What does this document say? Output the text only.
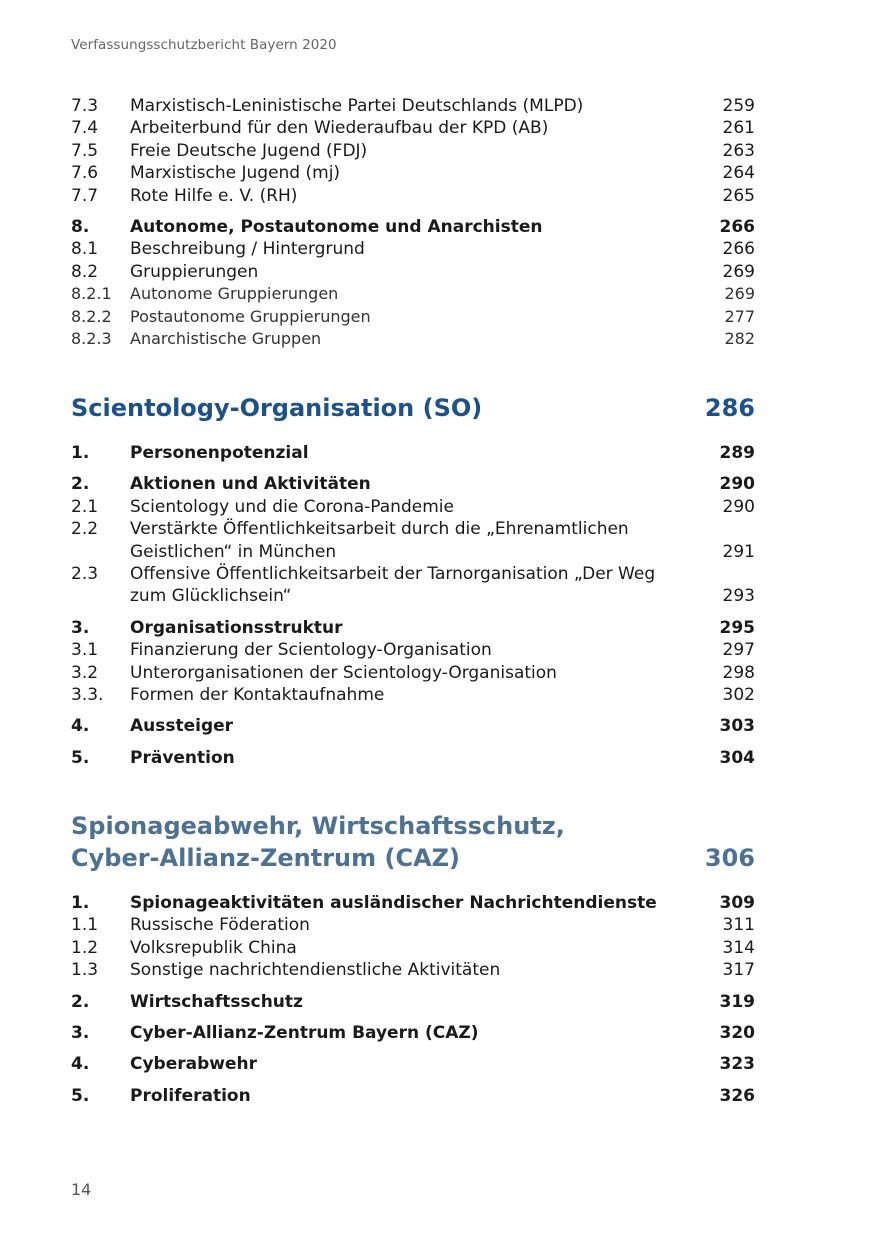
Verfassungsschutzbericht Bayern 2020
7.3 Marxistisch-Leninistische Partei Deutschlands (MLPD)	259
7.4 Arbeiterbund für den Wiederaufbau der KPD (AB)	261
7.5 Freie Deutsche Jugend (FDJ)	263
7.6 Marxistische Jugend (mj)	264
7.7 Rote Hilfe e. V. (RH)	265
8. Autonome, Postautonome und Anarchisten	266
8.1 Beschreibung / Hintergrund	266
8.2 Gruppierungen	269
8.2.1 Autonome Gruppierungen	269
8.2.2 Postautonome Gruppierungen	277
8.2.3 Anarchistische Gruppen	282
Scientology-Organisation (SO)	286
1. Personenpotenzial	289
2. Aktionen und Aktivitäten	290
2.1 Scientology und die Corona-Pandemie	290
2.2 Verstärkte Öffentlichkeitsarbeit durch die „Ehrenamtlichen Geistlichen“ in München	291
2.3 Offensive Öffentlichkeitsarbeit der Tarnorganisation „Der Weg zum Glücklichsein“	293
3. Organisationsstruktur	295
3.1 Finanzierung der Scientology-Organisation	297
3.2 Unterorganisationen der Scientology-Organisation	298
3.3. Formen der Kontaktaufnahme	302
4. Aussteiger	303
5. Prävention	304
Spionageabwehr, Wirtschaftsschutz,
Cyber-Allianz-Zentrum (CAZ)	306
1. Spionageaktivitäten ausländischer Nachrichtendienste	309
1.1 Russische Föderation	311
1.2 Volksrepublik China	314
1.3 Sonstige nachrichtendienstliche Aktivitäten	317
2. Wirtschaftsschutz	319
3. Cyber-Allianz-Zentrum Bayern (CAZ)	320
4. Cyberabwehr	323
5. Proliferation	326
14
